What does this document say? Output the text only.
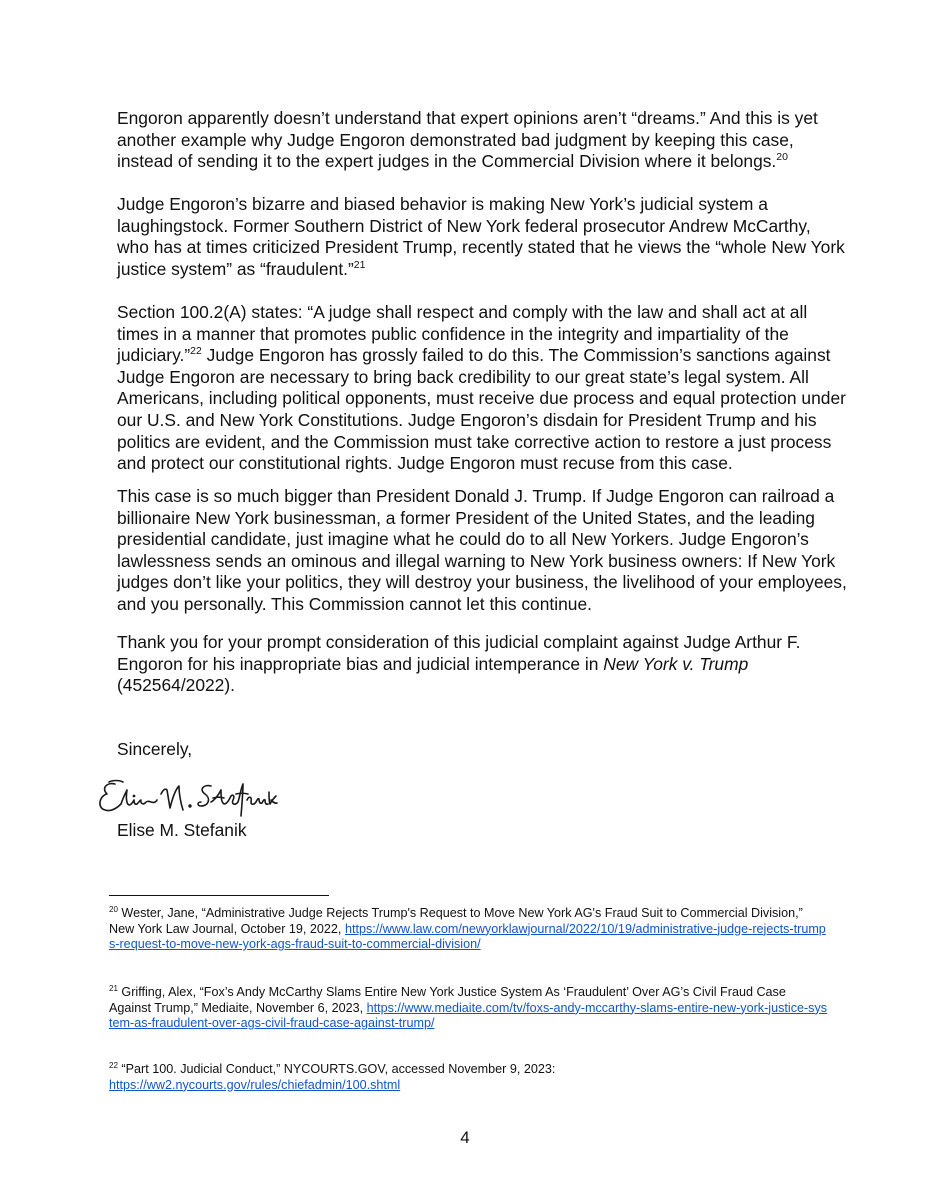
Engoron apparently doesn’t understand that expert opinions aren’t “dreams.” And this is yet another example why Judge Engoron demonstrated bad judgment by keeping this case, instead of sending it to the expert judges in the Commercial Division where it belongs.$^{20}$

Judge Engoron’s bizarre and biased behavior is making New York’s judicial system a laughingstock. Former Southern District of New York federal prosecutor Andrew McCarthy, who has at times criticized President Trump, recently stated that he views the “whole New York justice system” as “fraudulent.”$^{21}$

Section 100.2(A) states: “A judge shall respect and comply with the law and shall act at all times in a manner that promotes public confidence in the integrity and impartiality of the judiciary.”$^{22}$ Judge Engoron has grossly failed to do this. The Commission’s sanctions against Judge Engoron are necessary to bring back credibility to our great state’s legal system. All Americans, including political opponents, must receive due process and equal protection under our U.S. and New York Constitutions. Judge Engoron’s disdain for President Trump and his politics are evident, and the Commission must take corrective action to restore a just process and protect our constitutional rights. Judge Engoron must recuse from this case.

This case is so much bigger than President Donald J. Trump. If Judge Engoron can railroad a billionaire New York businessman, a former President of the United States, and the leading presidential candidate, just imagine what he could do to all New Yorkers. Judge Engoron’s lawlessness sends an ominous and illegal warning to New York business owners: If New York judges don’t like your politics, they will destroy your business, the livelihood of your employees, and you personally. This Commission cannot let this continue.

Thank you for your prompt consideration of this judicial complaint against Judge Arthur F. Engoron for his inappropriate bias and judicial intemperance in New York v. Trump (452564/2022).

Sincerely,
Elise M. Stefanik

$^{20}$ Wester, Jane, “Administrative Judge Rejects Trump's Request to Move New York AG's Fraud Suit to Commercial Division,” New York Law Journal, October 19, 2022, https://www.law.com/newyorklawjournal/2022/10/19/administrative-judge-rejects-trumps-request-to-move-new-york-ags-fraud-suit-to-commercial-division/

$^{21}$ Griffing, Alex, “Fox’s Andy McCarthy Slams Entire New York Justice System As ‘Fraudulent’ Over AG’s Civil Fraud Case Against Trump,” Mediaite, November 6, 2023, https://www.mediaite.com/tv/foxs-andy-mccarthy-slams-entire-new-york-justice-system-as-fraudulent-over-ags-civil-fraud-case-against-trump/

$^{22}$ “Part 100. Judicial Conduct,” NYCOURTS.GOV, accessed November 9, 2023:
https://ww2.nycourts.gov/rules/chiefadmin/100.shtml

4
